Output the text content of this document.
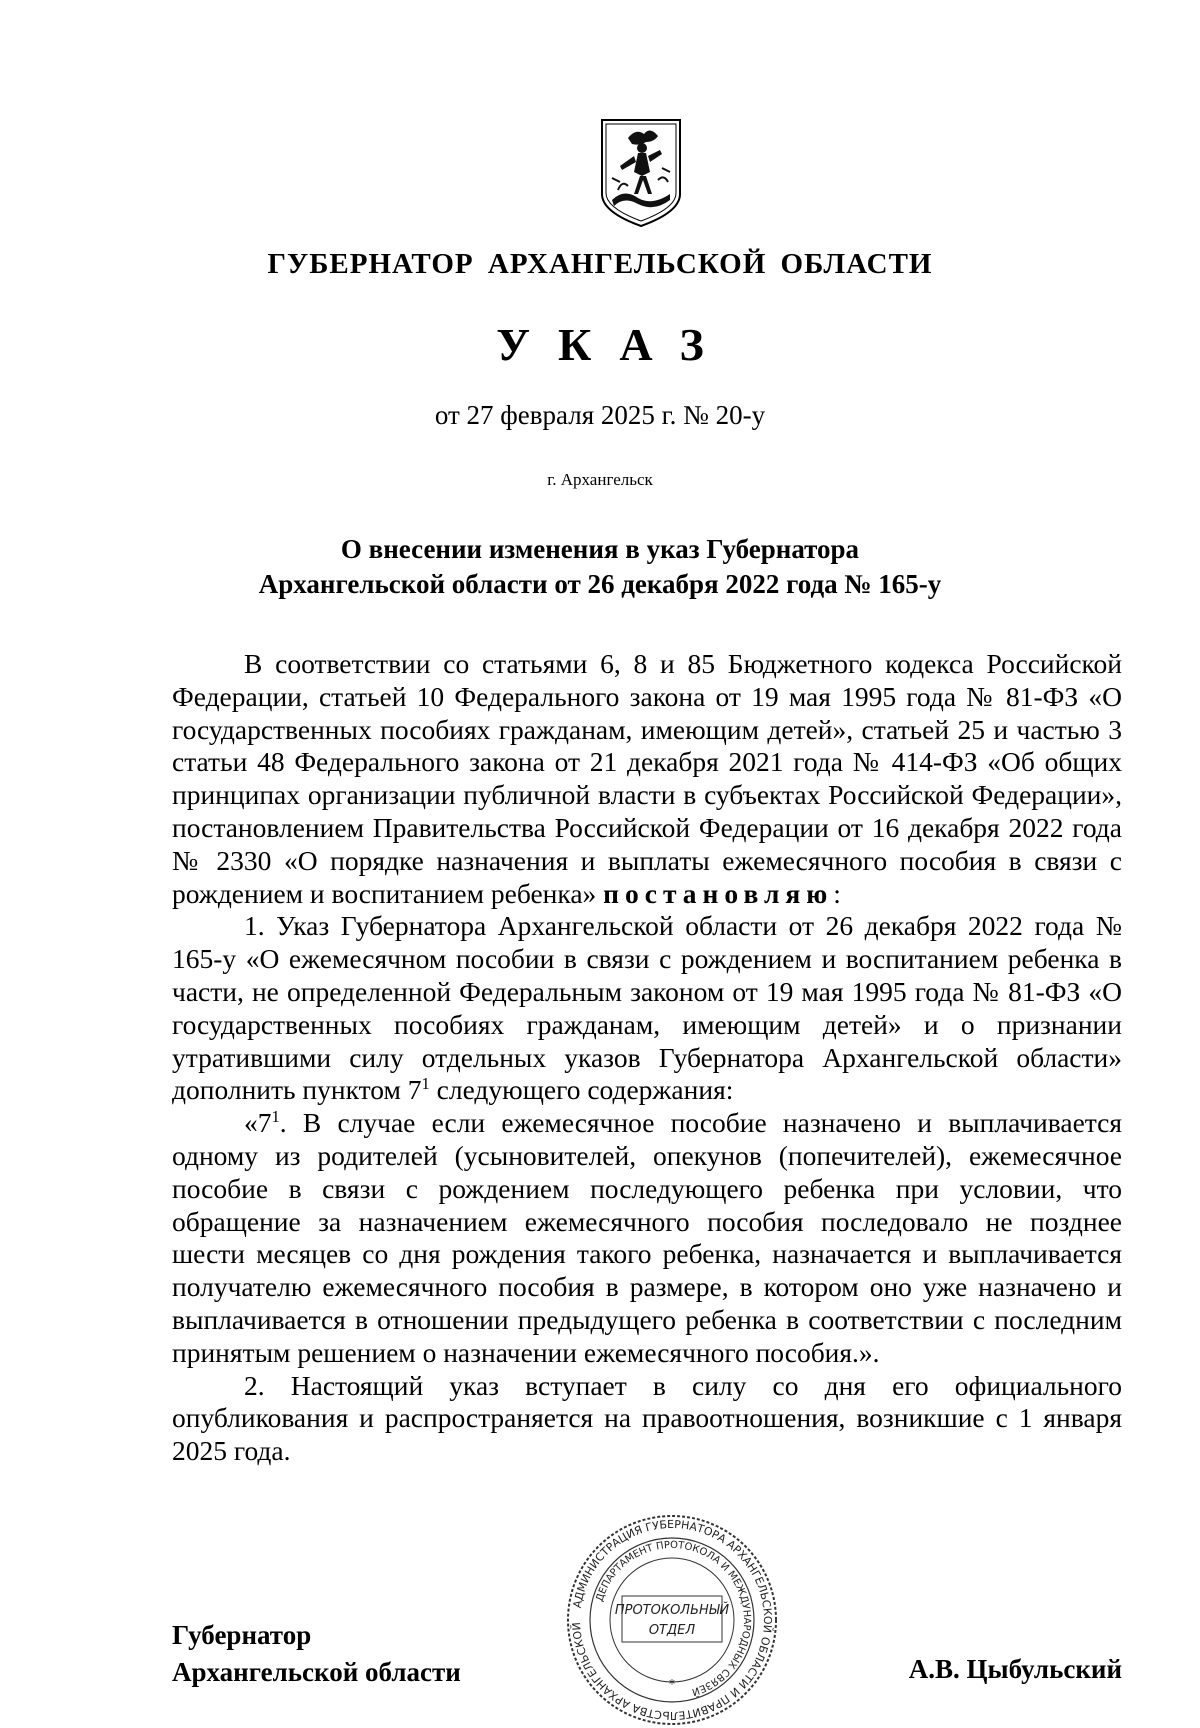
ГУБЕРНАТОР АРХАНГЕЛЬСКОЙ ОБЛАСТИ
УКАЗ
от 27 февраля 2025 г. № 20-у
г. Архангельск
О внесении изменения в указ Губернатора
Архангельской области от 26 декабря 2022 года № 165-у

В соответствии со статьями 6, 8 и 85 Бюджетного кодекса Российской Федерации, статьей 10 Федерального закона от 19 мая 1995 года № 81-ФЗ «О государственных пособиях гражданам, имеющим детей», статьей 25 и частью 3 статьи 48 Федерального закона от 21 декабря 2021 года № 414-ФЗ «Об общих принципах организации публичной власти в субъектах Российской Федерации», постановлением Правительства Российской Федерации от 16 декабря 2022 года № 2330 «О порядке назначения и выплаты ежемесячного пособия в связи с рождением и воспитанием ребенка» постановляю:

1. Указ Губернатора Архангельской области от 26 декабря 2022 года № 165-у «О ежемесячном пособии в связи с рождением и воспитанием ребенка в части, не определенной Федеральным законом от 19 мая 1995 года № 81-ФЗ «О государственных пособиях гражданам, имеющим детей» и о признании утратившими силу отдельных указов Губернатора Архангельской области» дополнить пунктом $7^1$ следующего содержания:

«$7^1$. В случае если ежемесячное пособие назначено и выплачивается одному из родителей (усыновителей, опекунов (попечителей), ежемесячное пособие в связи с рождением последующего ребенка при условии, что обращение за назначением ежемесячного пособия последовало не позднее шести месяцев со дня рождения такого ребенка, назначается и выплачивается получателю ежемесячного пособия в размере, в котором оно уже назначено и выплачивается в отношении предыдущего ребенка в соответствии с последним принятым решением о назначении ежемесячного пособия.».

2. Настоящий указ вступает в силу со дня его официального опубликования и распространяется на правоотношения, возникшие с 1 января 2025 года.

АДМИНИСТРАЦИЯ ГУБЕРНАТОРА АРХАНГЕЛЬСКОЙ ОБЛАСТИ И ПРАВИТЕЛЬСТВА АРХАНГЕЛЬСКОЙ
ДЕПАРТАМЕНТ ПРОТОКОЛА И МЕЖДУНАРОДНЫХ СВЯЗЕЙ
ПРОТОКОЛЬНЫЙ
ОТДЕЛ
*
Губернатор
Архангельской области	А.В. Цыбульский
